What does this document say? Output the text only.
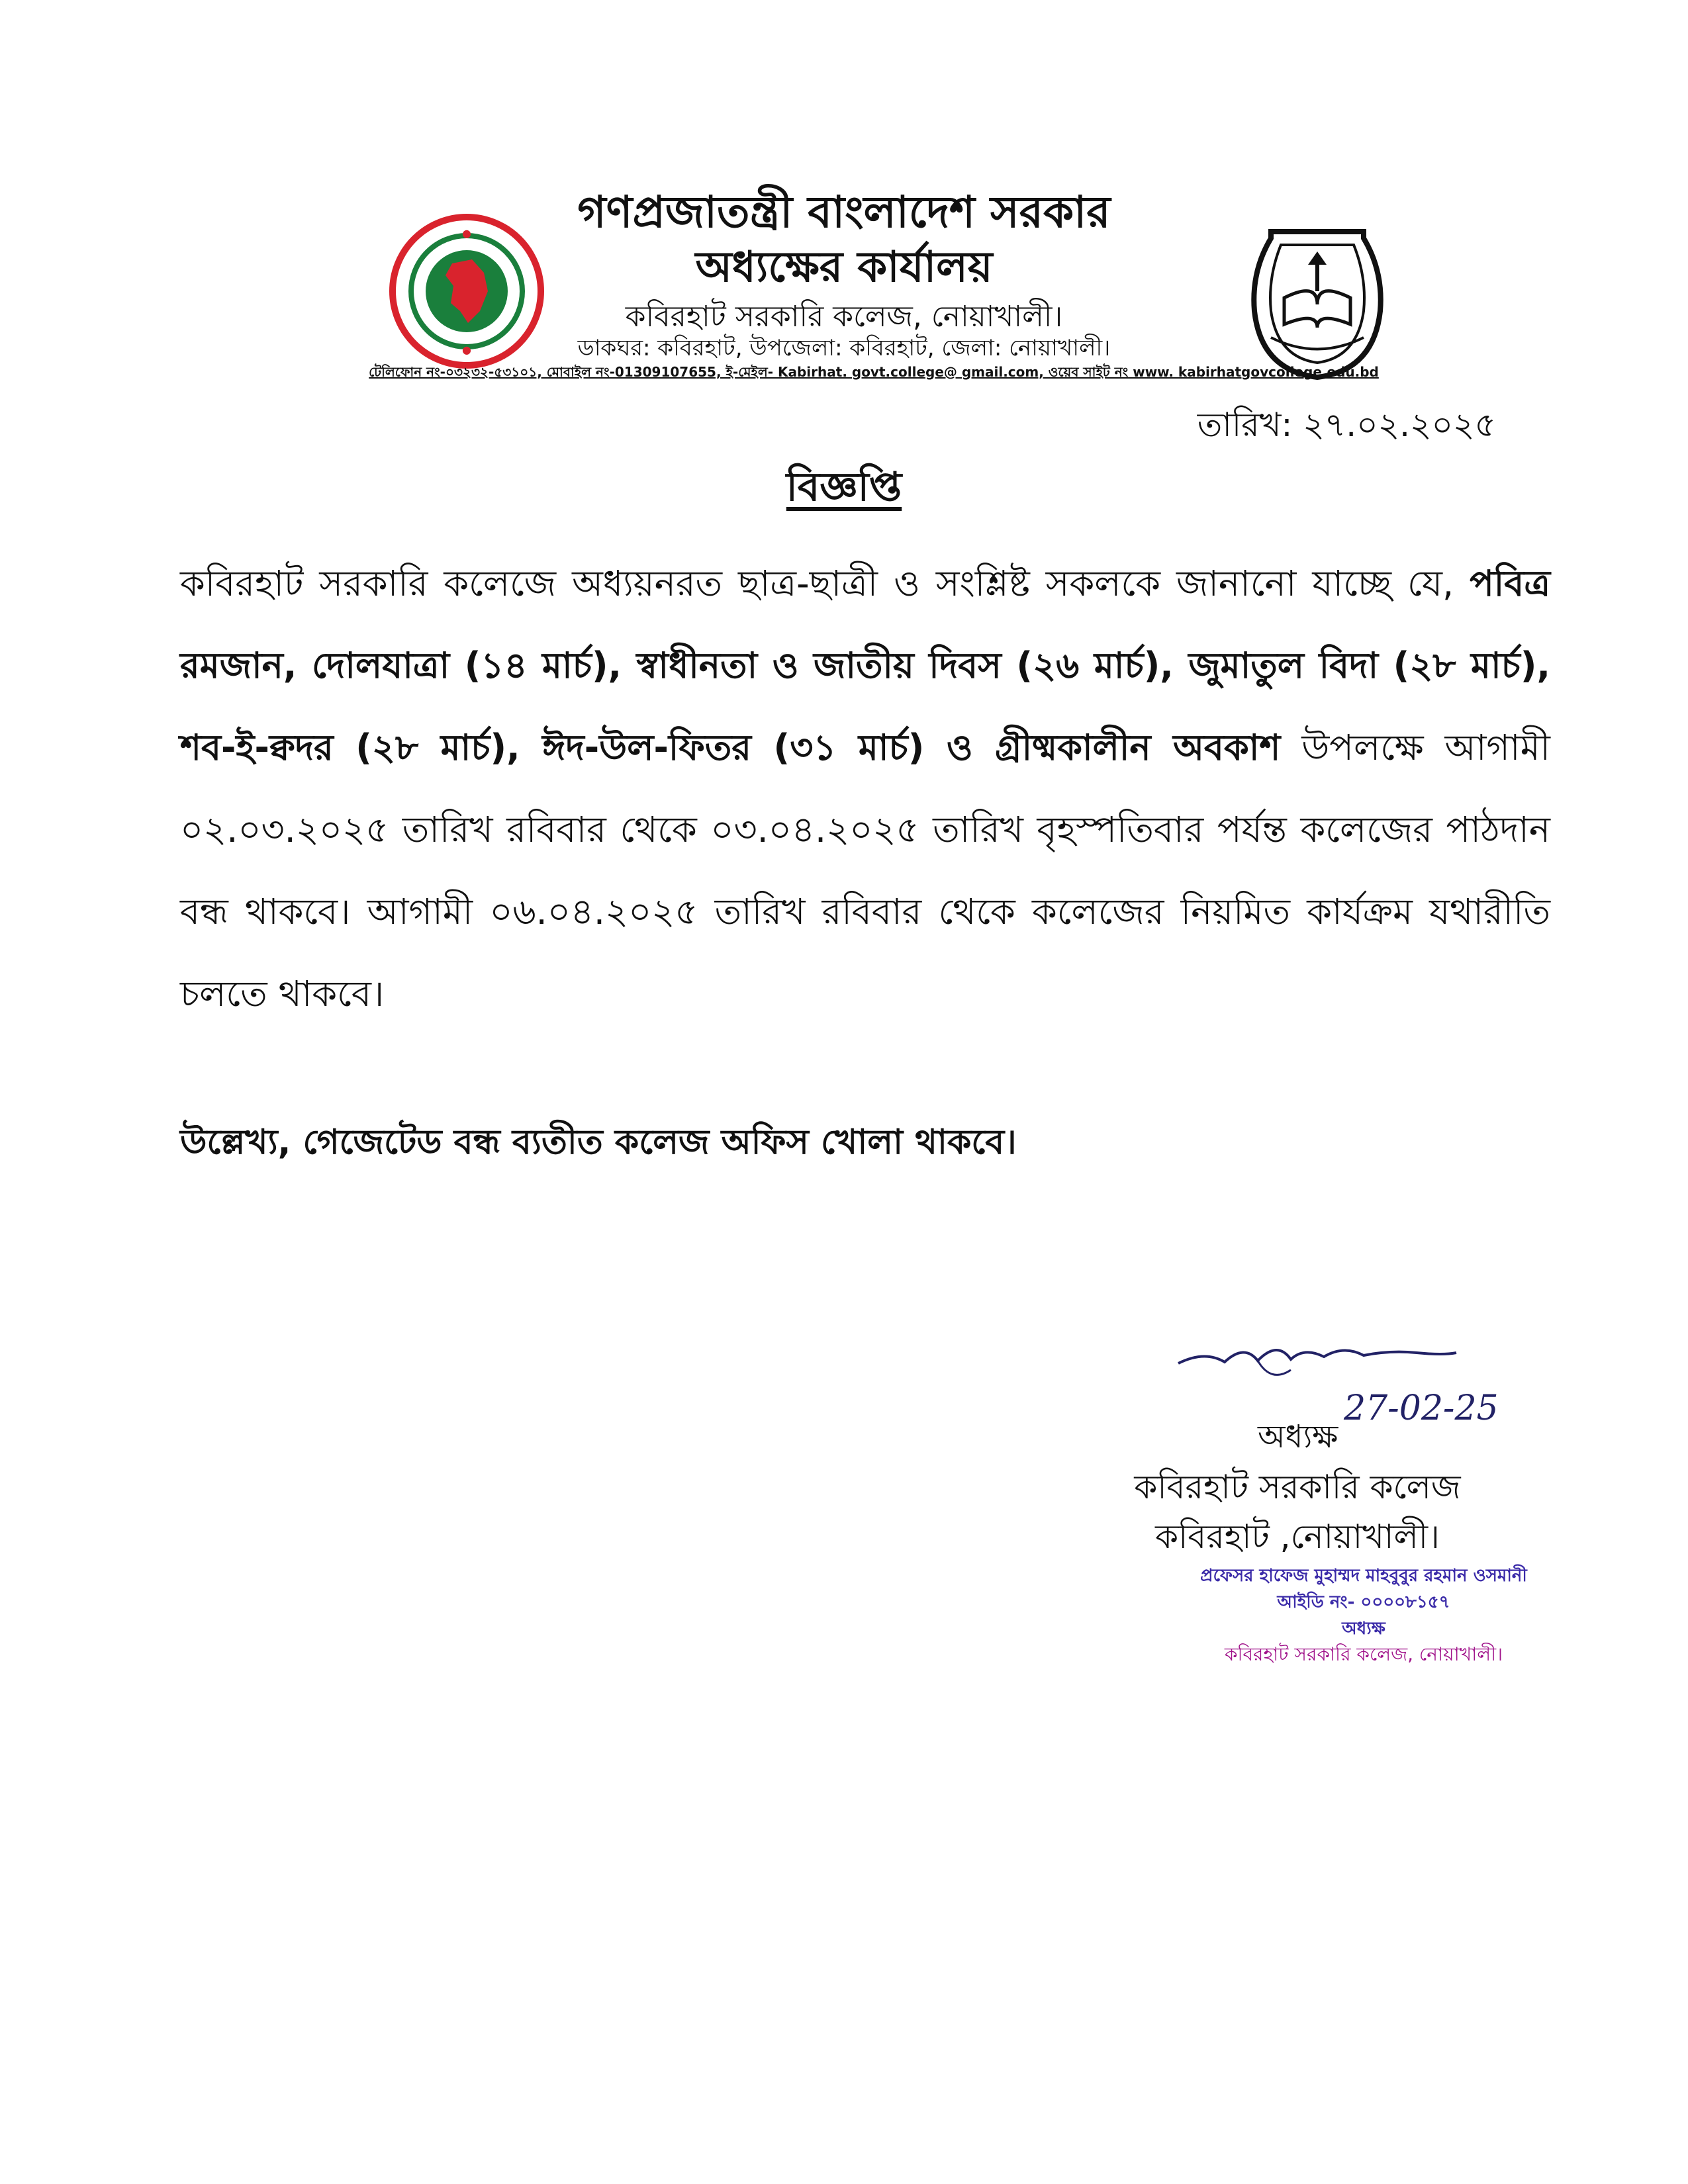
●
●
গণপ্রজাতন্ত্রী বাংলাদেশ সরকার
অধ্যক্ষের কার্যালয়
কবিরহাট সরকারি কলেজ, নোয়াখালী।
ডাকঘর: কবিরহাট, উপজেলা: কবিরহাট, জেলা: নোয়াখালী।
টেলিফোন নং-০৩২৩২-৫৩১০১, মোবাইল নং-01309107655, ই-মেইল- Kabirhat. govt.college@ gmail.com, ওয়েব সাইট নং www. kabirhatgovcollege.edu.bd
তারিখ: ২৭.০২.২০২৫
বিজ্ঞপ্তি
কবিরহাট সরকারি কলেজে অধ্যয়নরত ছাত্র-ছাত্রী ও সংশ্লিষ্ট সকলকে জানানো যাচ্ছে যে, পবিত্র রমজান, দোলযাত্রা (১৪ মার্চ), স্বাধীনতা ও জাতীয় দিবস (২৬ মার্চ), জুমাতুল বিদা (২৮ মার্চ), শব-ই-ক্বদর (২৮ মার্চ), ঈদ-উল-ফিতর (৩১ মার্চ) ও গ্রীষ্মকালীন অবকাশ উপলক্ষে আগামী ০২.০৩.২০২৫ তারিখ রবিবার থেকে ০৩.০৪.২০২৫ তারিখ বৃহস্পতিবার পর্যন্ত কলেজের পাঠদান বন্ধ থাকবে। আগামী ০৬.০৪.২০২৫ তারিখ রবিবার থেকে কলেজের নিয়মিত কার্যক্রম যথারীতি চলতে থাকবে।
উল্লেখ্য, গেজেটেড বন্ধ ব্যতীত কলেজ অফিস খোলা থাকবে।
27-02-25
অধ্যক্ষ
কবিরহাট সরকারি কলেজ
কবিরহাট ,নোয়াখালী।
প্রফেসর হাফেজ মুহাম্মদ মাহবুবুর রহমান ওসমানী
আইডি নং- ০০০০৮১৫৭
অধ্যক্ষ
কবিরহাট সরকারি কলেজ, নোয়াখালী।
